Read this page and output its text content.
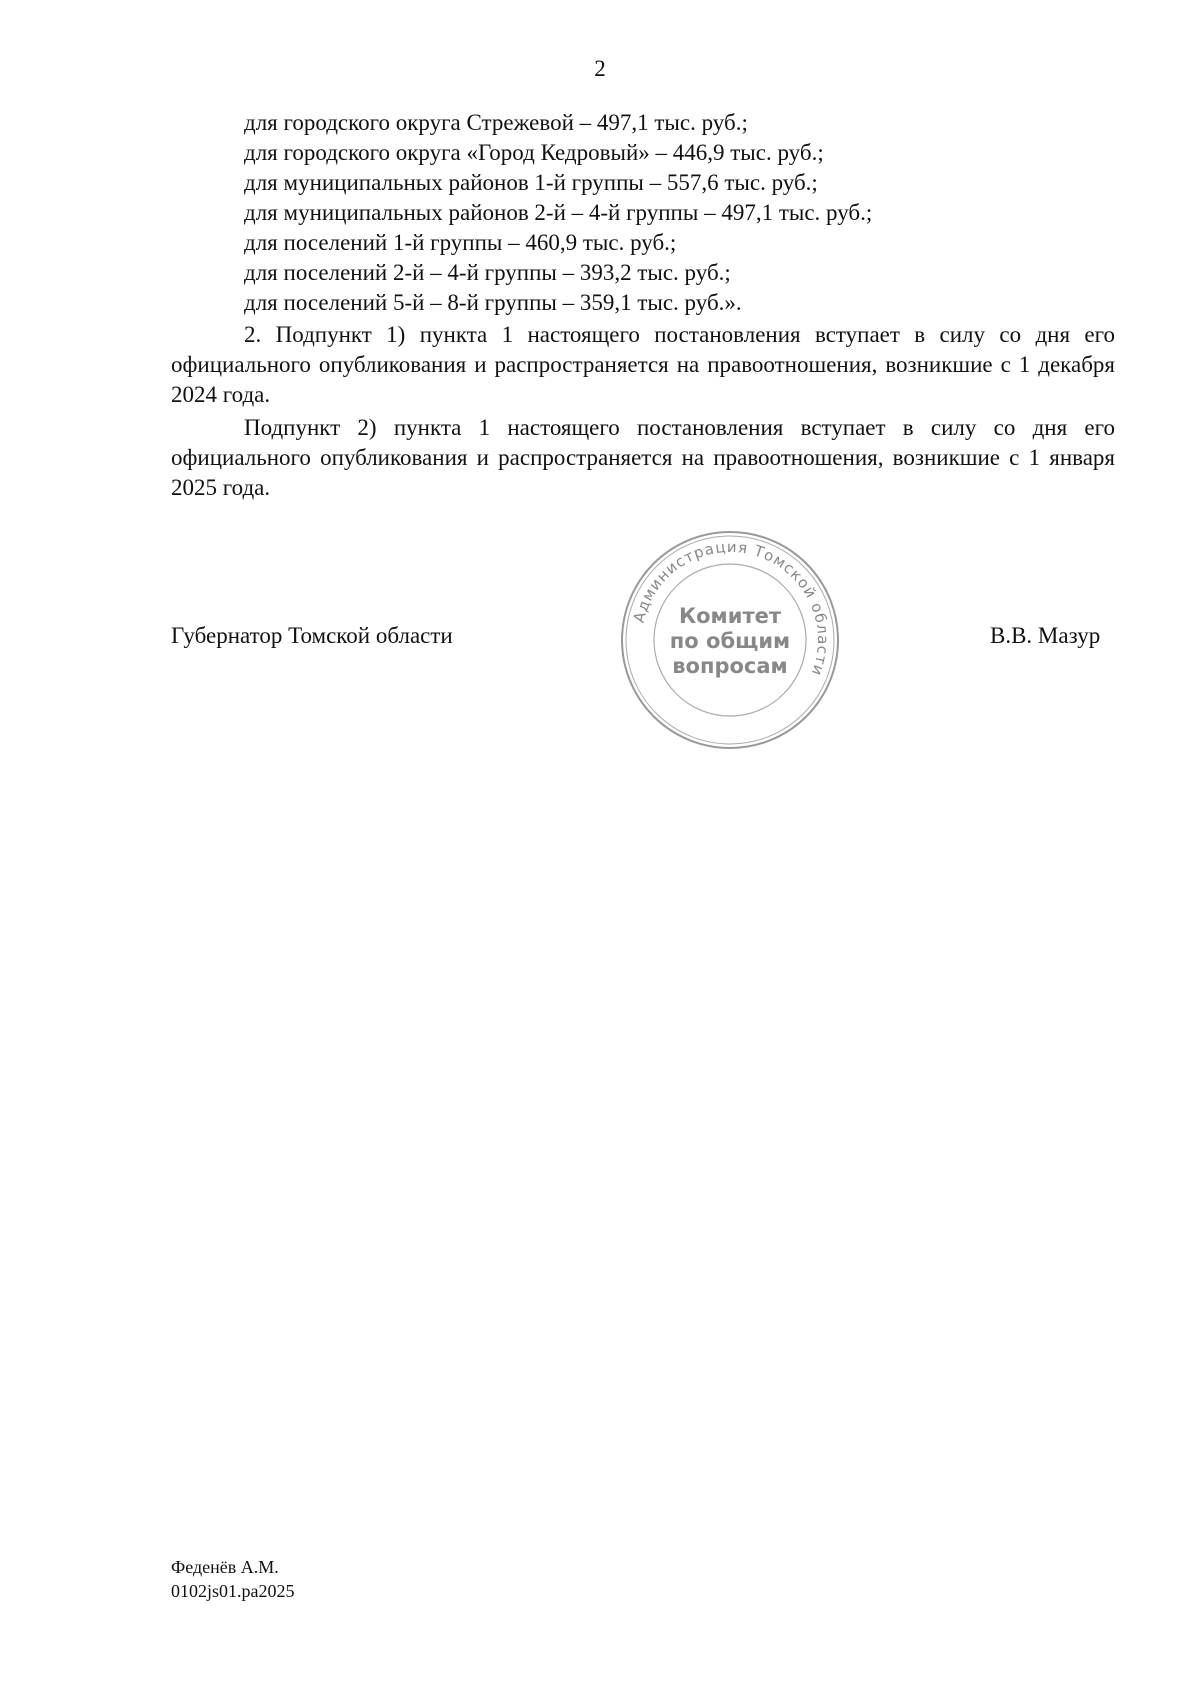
2
для городского округа Стрежевой – 497,1 тыс. руб.;
для городского округа «Город Кедровый» – 446,9 тыс. руб.;
для муниципальных районов 1-й группы – 557,6 тыс. руб.;
для муниципальных районов 2-й – 4-й группы – 497,1 тыс. руб.;
для поселений 1-й группы – 460,9 тыс. руб.;
для поселений 2-й – 4-й группы – 393,2 тыс. руб.;
для поселений 5-й – 8-й группы – 359,1 тыс. руб.».

2. Подпункт 1) пункта 1 настоящего постановления вступает в силу со дня его официального опубликования и распространяется на правоотношения, возникшие с 1 декабря 2024 года.

Подпункт 2) пункта 1 настоящего постановления вступает в силу со дня его официального опубликования и распространяется на правоотношения, возникшие с 1 января 2025 года.

Губернатор Томской области
Администрация Томской области
Комитет
по общим
вопросам
В.В. Мазур
Феденёв А.М.
0102js01.pa2025
